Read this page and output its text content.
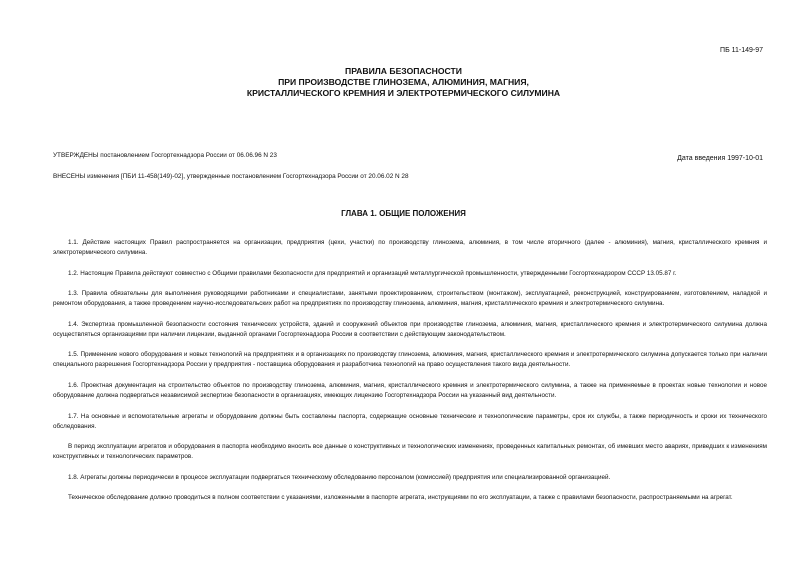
ПБ 11-149-97
ПРАВИЛА БЕЗОПАСНОСТИ
ПРИ ПРОИЗВОДСТВЕ ГЛИНОЗЕМА, АЛЮМИНИЯ, МАГНИЯ,
КРИСТАЛЛИЧЕСКОГО КРЕМНИЯ И ЭЛЕКТРОТЕРМИЧЕСКОГО СИЛУМИНА
Дата введения 1997-10-01
УТВЕРЖДЕНЫ постановлением Госгортехнадзора России от 06.06.96 N 23
ВНЕСЕНЫ изменения [ПБИ 11-458(149)-02], утвержденные постановлением Госгортехнадзора России от 20.06.02 N 28
ГЛАВА 1. ОБЩИЕ ПОЛОЖЕНИЯ

1.1. Действие настоящих Правил распространяется на организации, предприятия (цехи, участки) по производству глинозема, алюминия, в том числе вторичного (далее - алюминия), магния, кристаллического кремния и электротермического силумина.

1.2. Настоящие Правила действуют совместно с Общими правилами безопасности для предприятий и организаций металлургической промышленности, утвержденными Госгортехнадзором СССР 13.05.87 г.

1.3. Правила обязательны для выполнения руководящими работниками и специалистами, занятыми проектированием, строительством (монтажом), эксплуатацией, реконструкцией, конструированием, изготовлением, наладкой и ремонтом оборудования, а также проведением научно-исследовательских работ на предприятиях по производству глинозема, алюминия, магния, кристаллического кремния и электротермического силумина.

1.4. Экспертиза промышленной безопасности состояния технических устройств, зданий и сооружений объектов при производстве глинозема, алюминия, магния, кристаллического кремния и электротермического силумина должна осуществляться организациями при наличии лицензии, выданной органами Госгортехнадзора России в соответствии с действующим законодательством.

1.5. Применение нового оборудования и новых технологий на предприятиях и в организациях по производству глинозема, алюминия, магния, кристаллического кремния и электротермического силумина допускается только при наличии специального разрешения Госгортехнадзора России у предприятия - поставщика оборудования и разработчика технологий на право осуществления такого вида деятельности.

1.6. Проектная документация на строительство объектов по производству глинозема, алюминия, магния, кристаллического кремния и электротермического силумина, а также на применяемые в проектах новые технологии и новое оборудование должна подвергаться независимой экспертизе безопасности в организациях, имеющих лицензию Госгортехнадзора России на указанный вид деятельности.

1.7. На основные и вспомогательные агрегаты и оборудование должны быть составлены паспорта, содержащие основные технические и технологические параметры, срок их службы, а также периодичность и сроки их технического обследования.

В период эксплуатации агрегатов и оборудования в паспорта необходимо вносить все данные о конструктивных и технологических изменениях, проведенных капитальных ремонтах, об имевших место авариях, приведших к изменениям конструктивных и технологических параметров.

1.8. Агрегаты должны периодически в процессе эксплуатации подвергаться техническому обследованию персоналом (комиссией) предприятия или специализированной организацией.

Техническое обследование должно проводиться в полном соответствии с указаниями, изложенными в паспорте агрегата, инструкциями по его эксплуатации, а также с правилами безопасности, распространяемыми на агрегат.
